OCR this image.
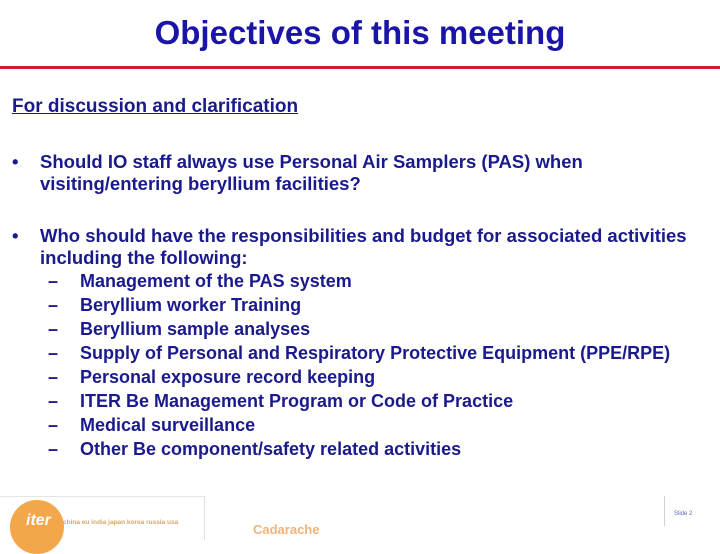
Objectives of this meeting
For discussion and clarification
• Should IO staff always use Personal Air Samplers (PAS) when visiting/entering beryllium facilities?
• Who should have the responsibilities and budget for associated activities including the following:
– Management of the PAS system
– Beryllium worker Training
– Beryllium sample analyses
– Supply of Personal and Respiratory Protective Equipment (PPE/RPE)
– Personal exposure record keeping
– ITER Be Management Program or Code of Practice
– Medical surveillance
– Other Be component/safety related activities
iter china eu india japan korea russia usa	Cadarache
Slide 2
